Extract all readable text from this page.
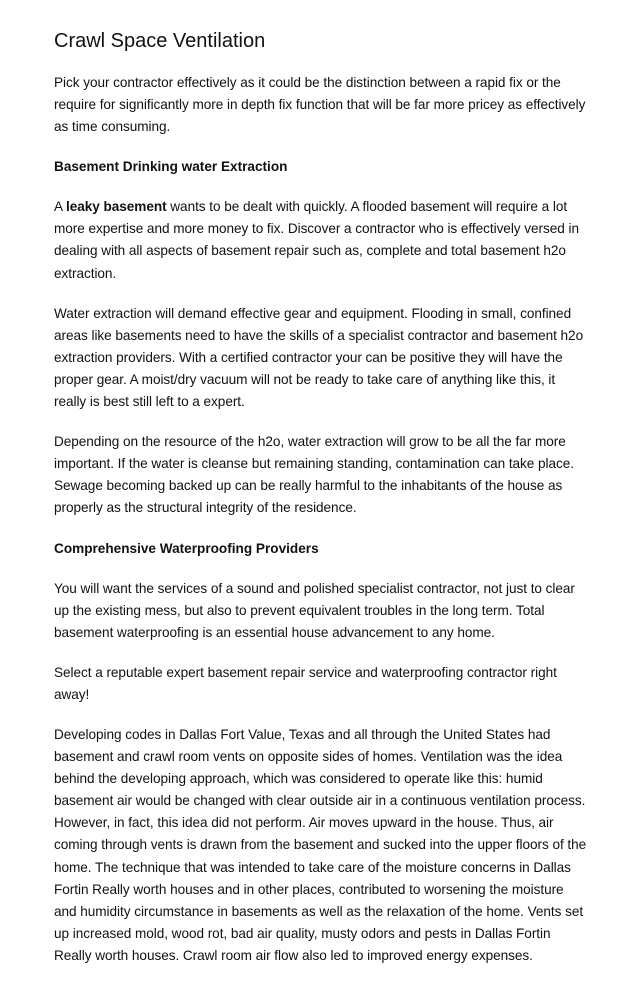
Crawl Space Ventilation

Pick your contractor effectively as it could be the distinction between a rapid fix or the require for significantly more in depth fix function that will be far more pricey as effectively as time consuming.

Basement Drinking water Extraction

A leaky basement wants to be dealt with quickly. A flooded basement will require a lot more expertise and more money to fix. Discover a contractor who is effectively versed in dealing with all aspects of basement repair such as, complete and total basement h2o extraction.

Water extraction will demand effective gear and equipment. Flooding in small, confined areas like basements need to have the skills of a specialist contractor and basement h2o extraction providers. With a certified contractor your can be positive they will have the proper gear. A moist/dry vacuum will not be ready to take care of anything like this, it really is best still left to a expert.

Depending on the resource of the h2o, water extraction will grow to be all the far more important. If the water is cleanse but remaining standing, contamination can take place. Sewage becoming backed up can be really harmful to the inhabitants of the house as properly as the structural integrity of the residence.

Comprehensive Waterproofing Providers

You will want the services of a sound and polished specialist contractor, not just to clear up the existing mess, but also to prevent equivalent troubles in the long term. Total basement waterproofing is an essential house advancement to any home.

Select a reputable expert basement repair service and waterproofing contractor right away!

Developing codes in Dallas Fort Value, Texas and all through the United States had basement and crawl room vents on opposite sides of homes. Ventilation was the idea behind the developing approach, which was considered to operate like this: humid basement air would be changed with clear outside air in a continuous ventilation process. However, in fact, this idea did not perform. Air moves upward in the house. Thus, air coming through vents is drawn from the basement and sucked into the upper floors of the home. The technique that was intended to take care of the moisture concerns in Dallas Fortin Really worth houses and in other places, contributed to worsening the moisture and humidity circumstance in basements as well as the relaxation of the home. Vents set up increased mold, wood rot, bad air quality, musty odors and pests in Dallas Fortin Really worth houses. Crawl room air flow also led to improved energy expenses.
